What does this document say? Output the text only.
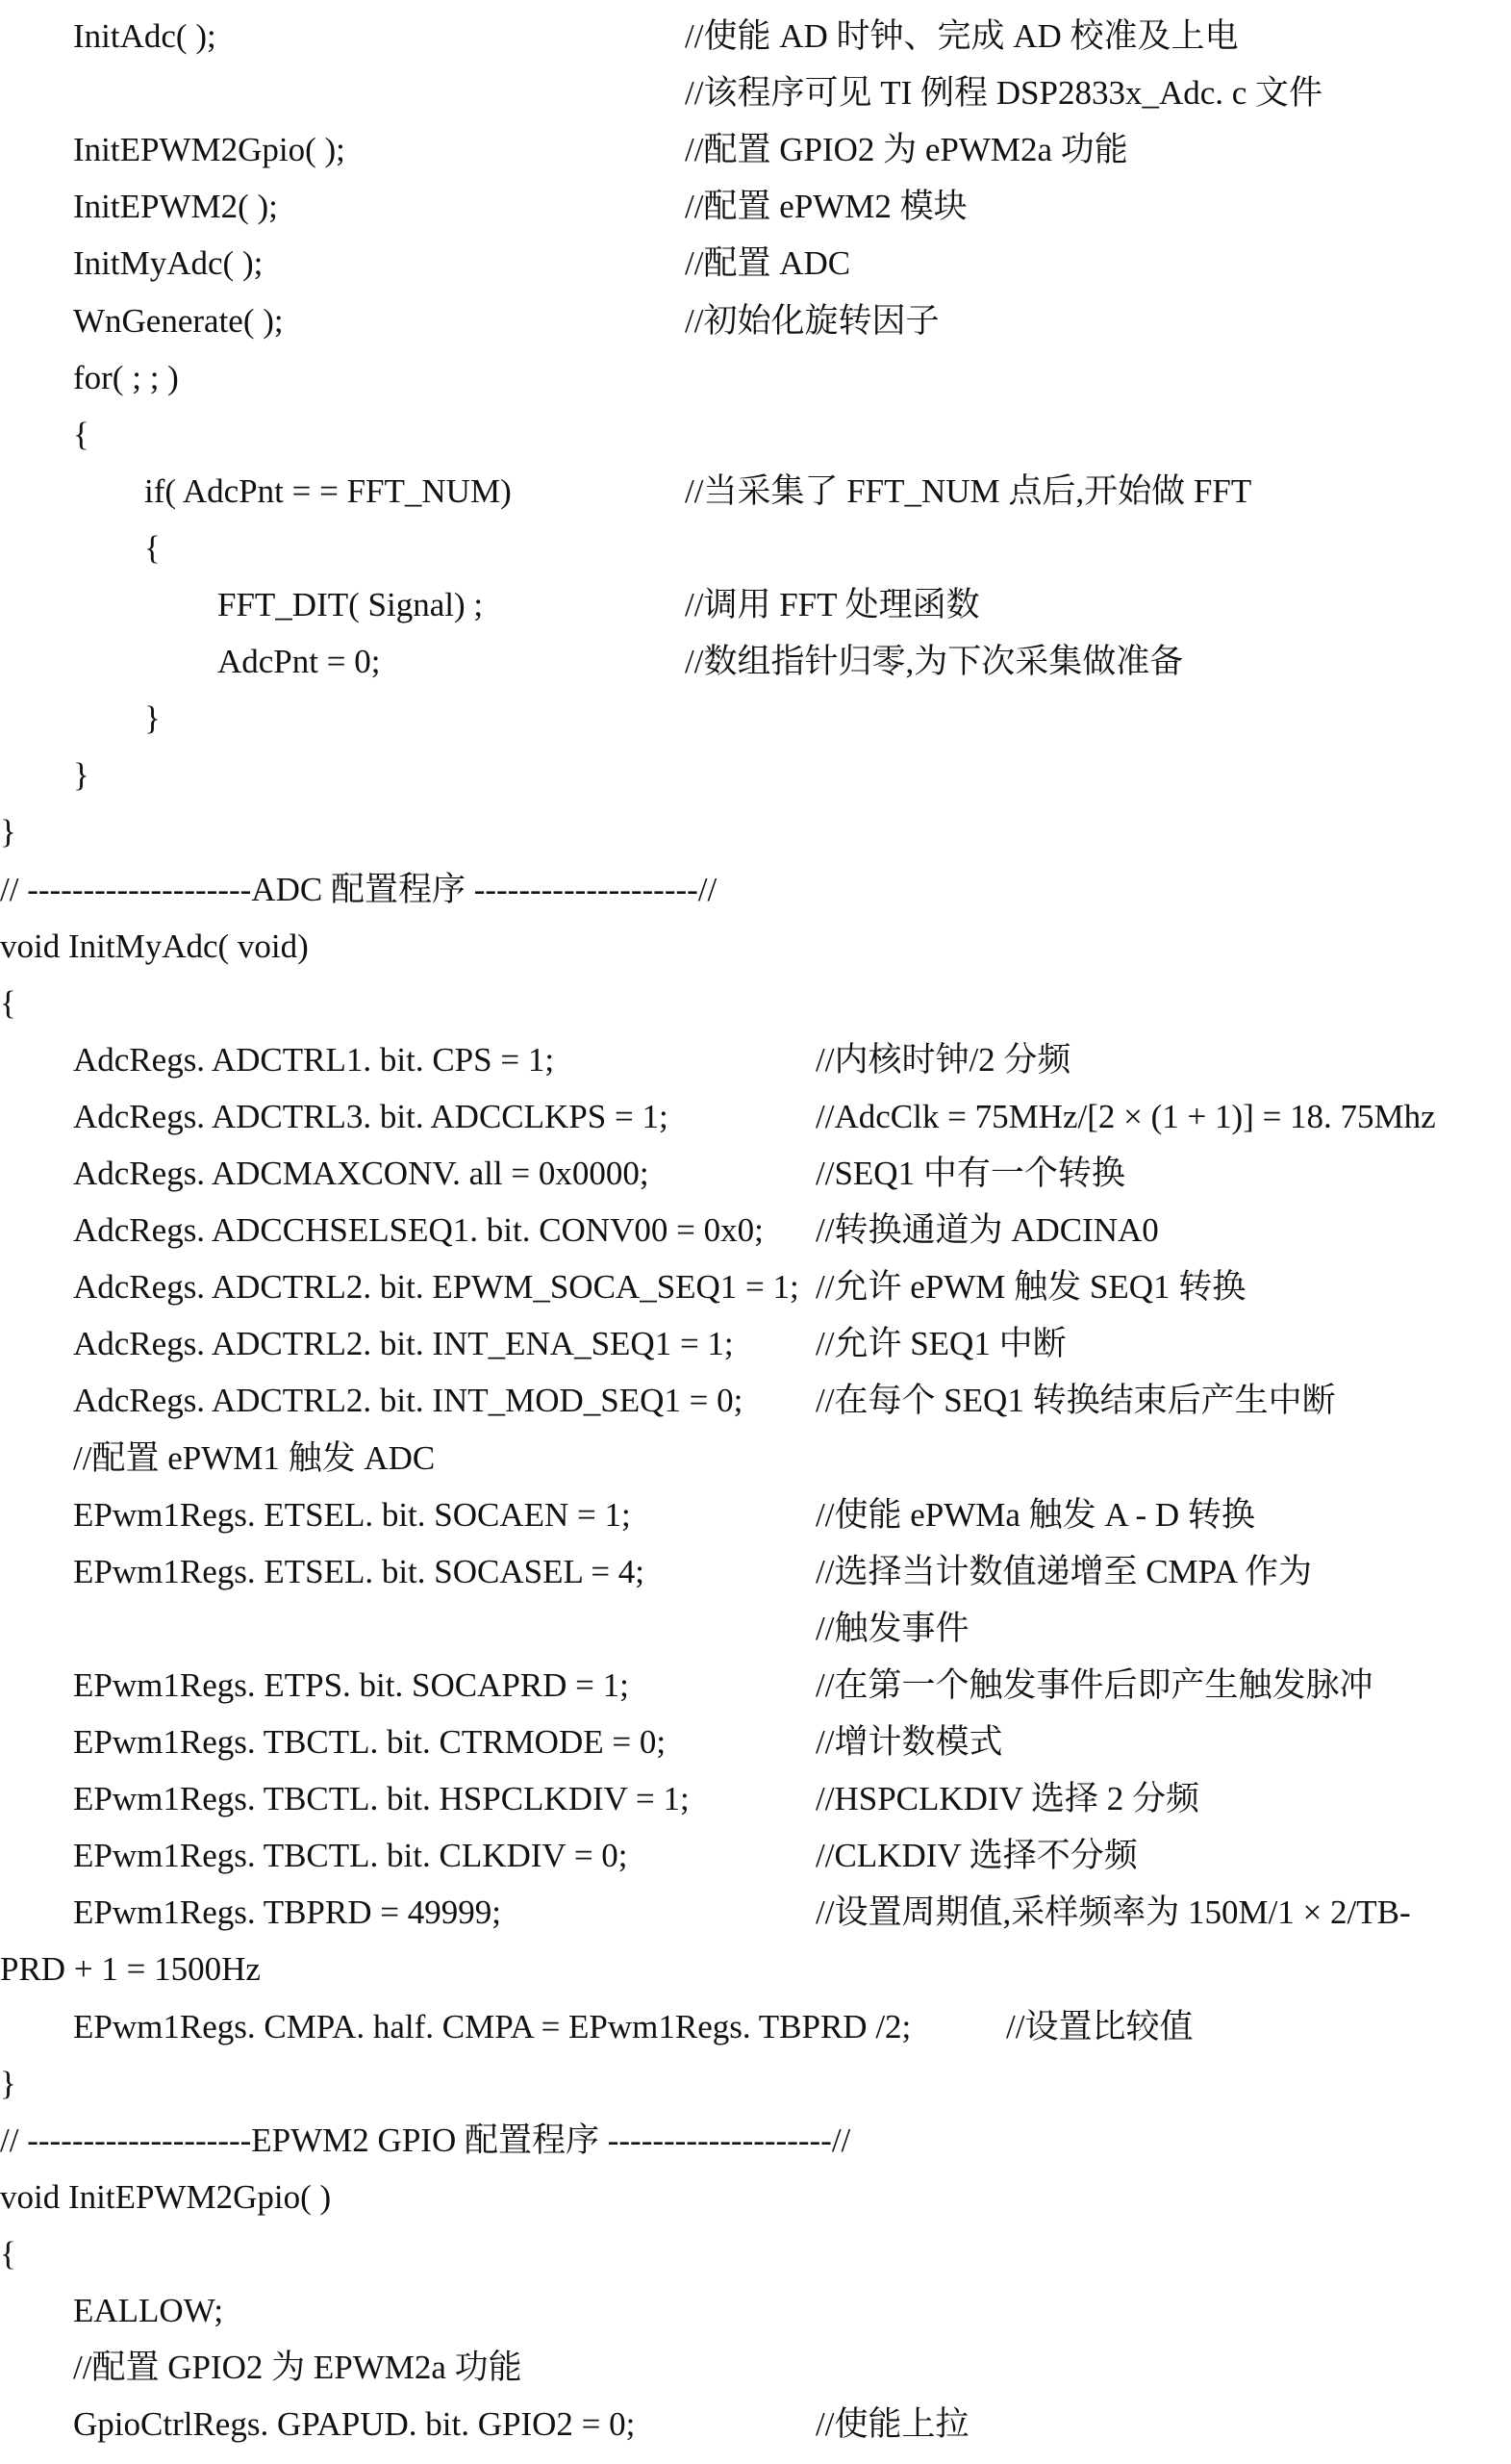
InitAdc( );	//使能 AD 时钟、完成 AD 校准及上电
//该程序可见 TI 例程 DSP2833x_Adc. c 文件
InitEPWM2Gpio( );	//配置 GPIO2 为 ePWM2a 功能
InitEPWM2( );	//配置 ePWM2 模块
InitMyAdc( );	//配置 ADC
WnGenerate( );	//初始化旋转因子
for( ; ; )
{
if( AdcPnt = = FFT_NUM)	//当采集了 FFT_NUM 点后,开始做 FFT
{
FFT_DIT( Signal) ;	//调用 FFT 处理函数
AdcPnt = 0;	//数组指针归零,为下次采集做准备
}
}
}
// --------------------ADC 配置程序 --------------------//
void InitMyAdc( void)
{
AdcRegs. ADCTRL1. bit. CPS = 1;	//内核时钟/2 分频
AdcRegs. ADCTRL3. bit. ADCCLKPS = 1;	//AdcClk = 75MHz/[2 × (1 + 1)] = 18. 75Mhz
AdcRegs. ADCMAXCONV. all = 0x0000;	//SEQ1 中有一个转换
AdcRegs. ADCCHSELSEQ1. bit. CONV00 = 0x0; //转换通道为 ADCINA0
AdcRegs. ADCTRL2. bit. EPWM_SOCA_SEQ1 = 1; //允许 ePWM 触发 SEQ1 转换
AdcRegs. ADCTRL2. bit. INT_ENA_SEQ1 = 1; //允许 SEQ1 中断
AdcRegs. ADCTRL2. bit. INT_MOD_SEQ1 = 0; //在每个 SEQ1 转换结束后产生中断
//配置 ePWM1 触发 ADC
EPwm1Regs. ETSEL. bit. SOCAEN = 1;	//使能 ePWMa 触发 A - D 转换
EPwm1Regs. ETSEL. bit. SOCASEL = 4;	//选择当计数值递增至 CMPA 作为
//触发事件
EPwm1Regs. ETPS. bit. SOCAPRD = 1;	//在第一个触发事件后即产生触发脉冲
EPwm1Regs. TBCTL. bit. CTRMODE = 0;	//增计数模式
EPwm1Regs. TBCTL. bit. HSPCLKDIV = 1;	//HSPCLKDIV 选择 2 分频
EPwm1Regs. TBCTL. bit. CLKDIV = 0;	//CLKDIV 选择不分频
EPwm1Regs. TBPRD = 49999;	//设置周期值,采样频率为 150M/1 × 2/TB-
PRD + 1 = 1500Hz
EPwm1Regs. CMPA. half. CMPA = EPwm1Regs. TBPRD /2;	//设置比较值
}
// --------------------EPWM2 GPIO 配置程序 --------------------//
void InitEPWM2Gpio( )
{
EALLOW;
//配置 GPIO2 为 EPWM2a 功能
GpioCtrlRegs. GPAPUD. bit. GPIO2 = 0;	//使能上拉
